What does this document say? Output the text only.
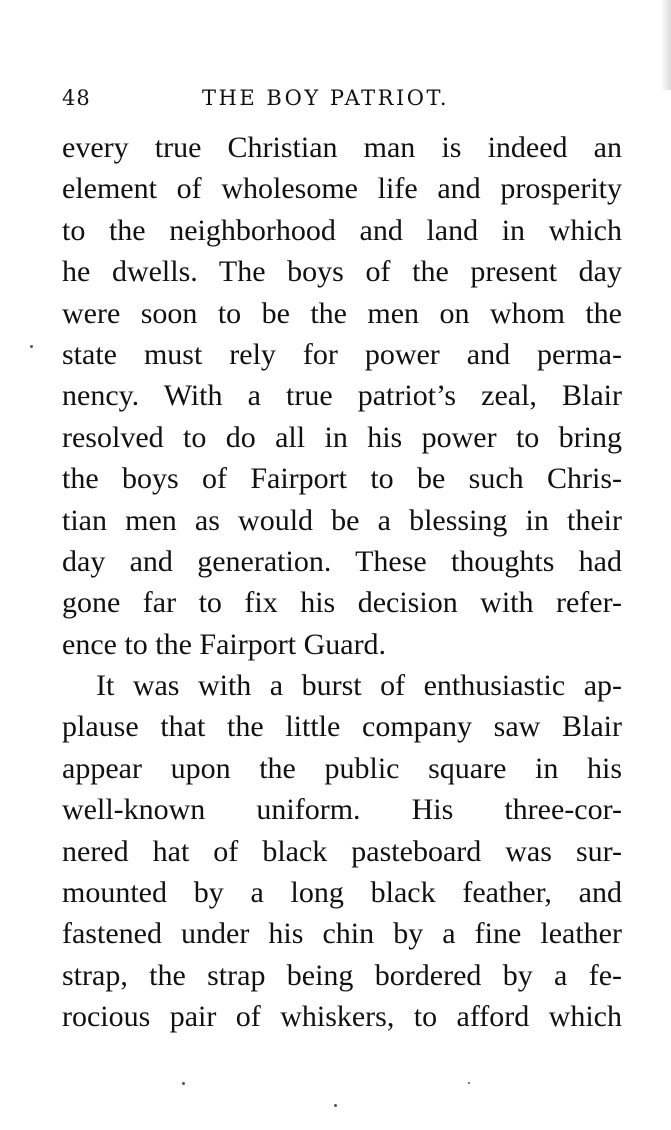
48	THE BOY PATRIOT.
every true Christian man is indeed an
element of wholesome life and prosperity
to the neighborhood and land in which
he dwells. The boys of the present day
were soon to be the men on whom the
state must rely for power and perma-
nency. With a true patriot’s zeal, Blair
resolved to do all in his power to bring
the boys of Fairport to be such Chris-
tian men as would be a blessing in their
day and generation. These thoughts had
gone far to fix his decision with refer-
ence to the Fairport Guard.
It was with a burst of enthusiastic ap-
plause that the little company saw Blair
appear upon the public square in his
well-known uniform. His three-cor-
nered hat of black pasteboard was sur-
mounted by a long black feather, and
fastened under his chin by a fine leather
strap, the strap being bordered by a fe-
rocious pair of whiskers, to afford which
